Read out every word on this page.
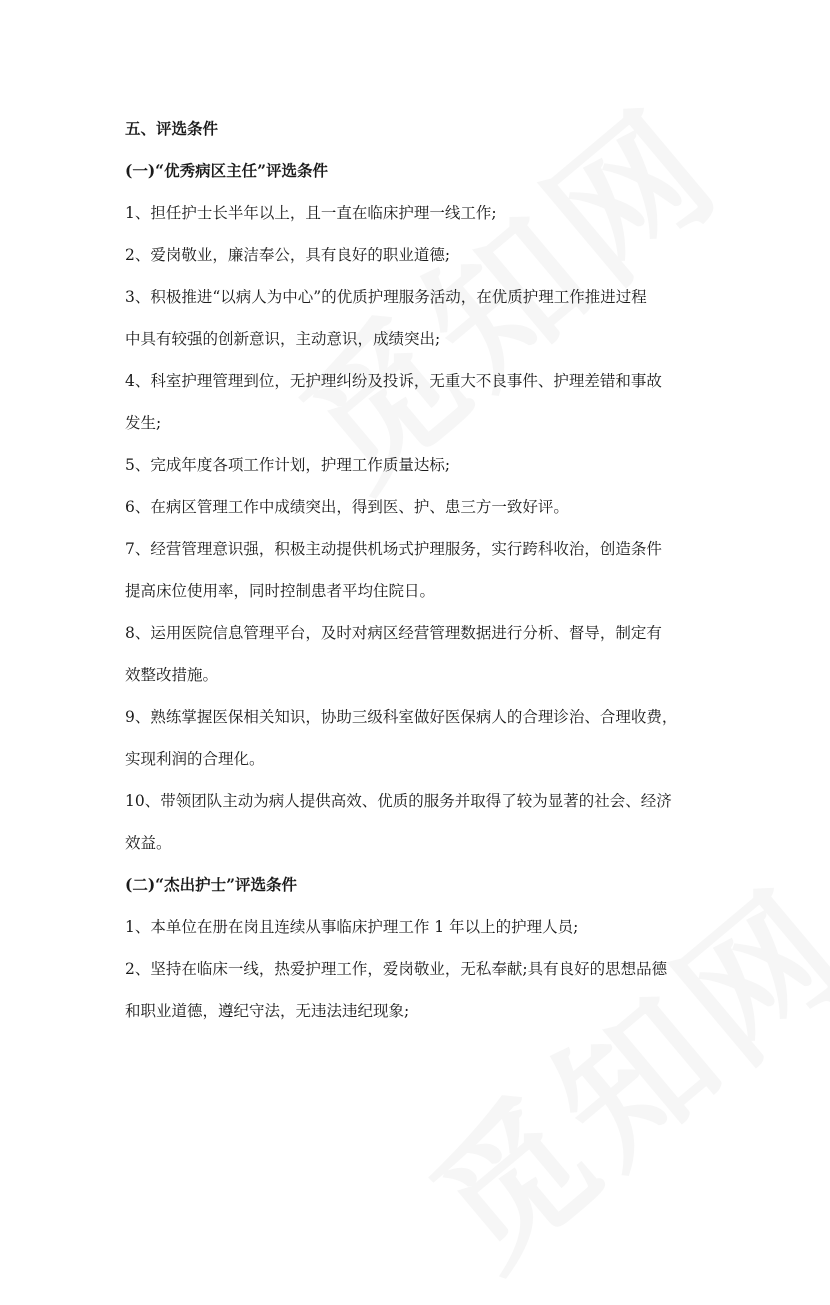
五、评选条件
(一)“优秀病区主任”评选条件
1、担任护士长半年以上，且一直在临床护理一线工作;
2、爱岗敬业，廉洁奉公，具有良好的职业道德;
3、积极推进“以病人为中心”的优质护理服务活动，在优质护理工作推进过程
中具有较强的创新意识，主动意识，成绩突出;
4、科室护理管理到位，无护理纠纷及投诉，无重大不良事件、护理差错和事故
发生;
5、完成年度各项工作计划，护理工作质量达标;
6、在病区管理工作中成绩突出，得到医、护、患三方一致好评。
7、经营管理意识强，积极主动提供机场式护理服务，实行跨科收治，创造条件
提高床位使用率，同时控制患者平均住院日。
8、运用医院信息管理平台，及时对病区经营管理数据进行分析、督导，制定有
效整改措施。
9、熟练掌握医保相关知识，协助三级科室做好医保病人的合理诊治、合理收费，
实现利润的合理化。
10、带领团队主动为病人提供高效、优质的服务并取得了较为显著的社会、经济
效益。
(二)“杰出护士”评选条件
1、本单位在册在岗且连续从事临床护理工作 1 年以上的护理人员;
2、坚持在临床一线，热爱护理工作，爱岗敬业，无私奉献;具有良好的思想品德
和职业道德，遵纪守法，无违法违纪现象;
